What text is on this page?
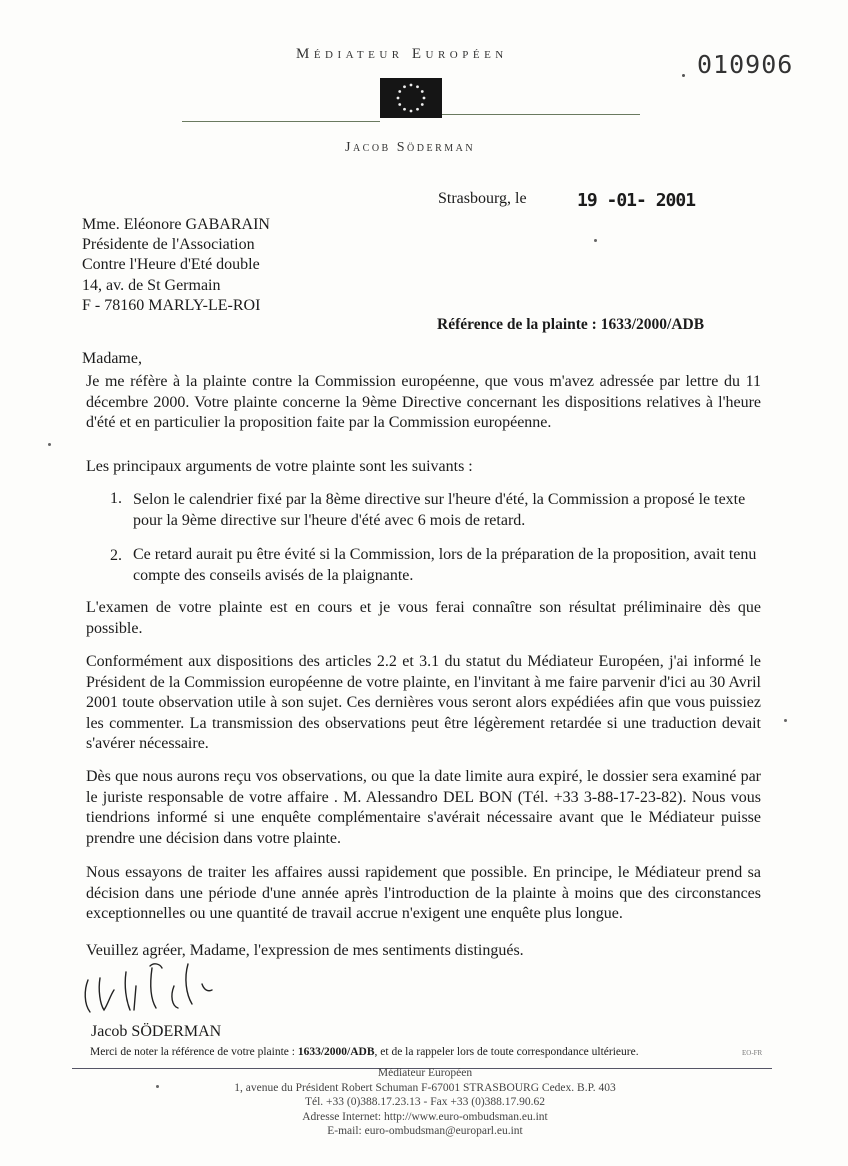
Médiateur Européen	010906
Jacob Söderman
Strasbourg, le	19 -01- 2001
Mme. Eléonore GABARAIN
Présidente de l'Association
Contre l'Heure d'Eté double
14, av. de St Germain
F - 78160 MARLY-LE-ROI
Référence de la plainte : 1633/2000/ADB
Madame,
Je me réfère à la plainte contre la Commission européenne, que vous m'avez adressée par lettre du 11 décembre 2000. Votre plainte concerne la 9ème Directive concernant les dispositions relatives à l'heure d'été et en particulier la proposition faite par la Commission européenne.
Les principaux arguments de votre plainte sont les suivants :
1. Selon le calendrier fixé par la 8ème directive sur l'heure d'été, la Commission a proposé le texte pour la 9ème directive sur l'heure d'été avec 6 mois de retard.
2. Ce retard aurait pu être évité si la Commission, lors de la préparation de la proposition, avait tenu compte des conseils avisés de la plaignante.
L'examen de votre plainte est en cours et je vous ferai connaître son résultat préliminaire dès que possible.
Conformément aux dispositions des articles 2.2 et 3.1 du statut du Médiateur Européen, j'ai informé le Président de la Commission européenne de votre plainte, en l'invitant à me faire parvenir d'ici au 30 Avril 2001 toute observation utile à son sujet. Ces dernières vous seront alors expédiées afin que vous puissiez les commenter. La transmission des observations peut être légèrement retardée si une traduction devait s'avérer nécessaire.
Dès que nous aurons reçu vos observations, ou que la date limite aura expiré, le dossier sera examiné par le juriste responsable de votre affaire . M. Alessandro DEL BON (Tél. +33 3-88-17-23-82). Nous vous tiendrions informé si une enquête complémentaire s'avérait nécessaire avant que le Médiateur puisse prendre une décision dans votre plainte.
Nous essayons de traiter les affaires aussi rapidement que possible. En principe, le Médiateur prend sa décision dans une période d'une année après l'introduction de la plainte à moins que des circonstances exceptionnelles ou une quantité de travail accrue n'exigent une enquête plus longue.
Veuillez agréer, Madame, l'expression de mes sentiments distingués.
Jacob SÖDERMAN
Merci de noter la référence de votre plainte : 1633/2000/ADB, et de la rappeler lors de toute correspondance ultérieure.	EO-FR
Médiateur Européen
1, avenue du Président Robert Schuman F-67001 STRASBOURG Cedex. B.P. 403
Tél. +33 (0)388.17.23.13 - Fax +33 (0)388.17.90.62
Adresse Internet: http://www.euro-ombudsman.eu.int
E-mail: euro-ombudsman@europarl.eu.int
